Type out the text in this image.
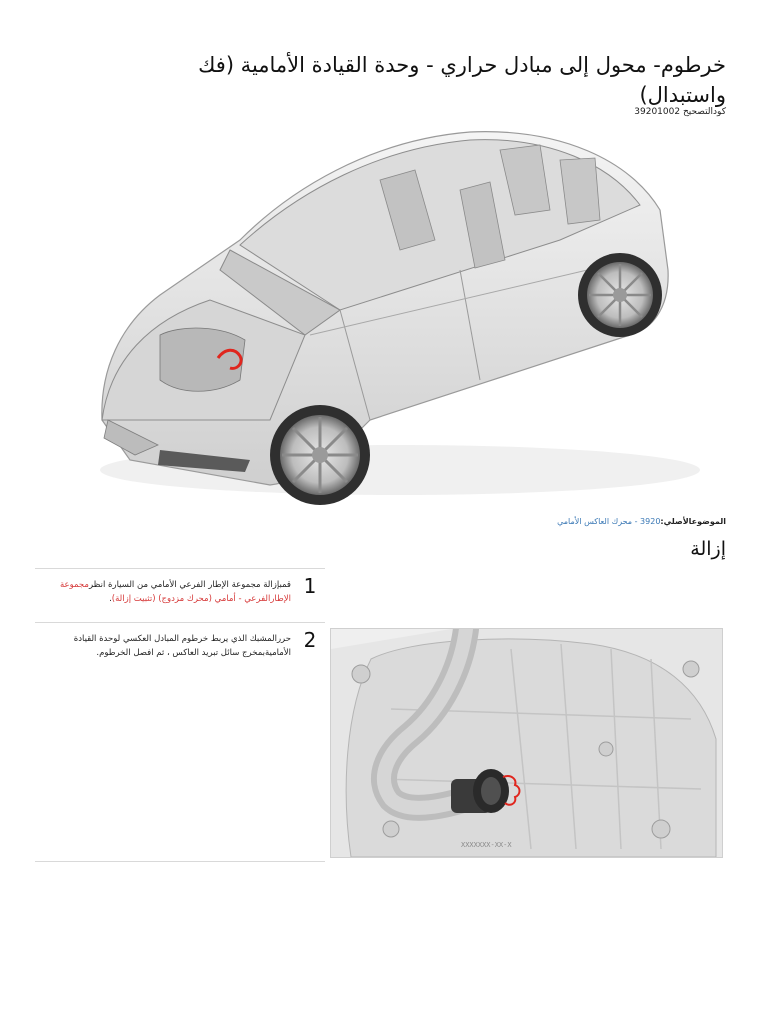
خرطوم- محول إلى مبادل حراري - وحدة القيادة الأمامية (فك واستبدال)
كودالتصحيح 39201002
الموضوعالأصلي:3920 - محرك العاكس الأمامي
إزالة
1
قمبإزالة مجموعة الإطار الفرعي الأمامي من السيارة انظرمجموعة الإطارالفرعي - أمامي (محرك مزدوج) (تثبيت إزالة).
2
حررالمشبك الذي يربط خرطوم المبادل العكسي لوحدة القيادة الأماميةبمخرج سائل تبريد العاكس ، ثم افصل الخرطوم.
XXXXXXX-XX-X
